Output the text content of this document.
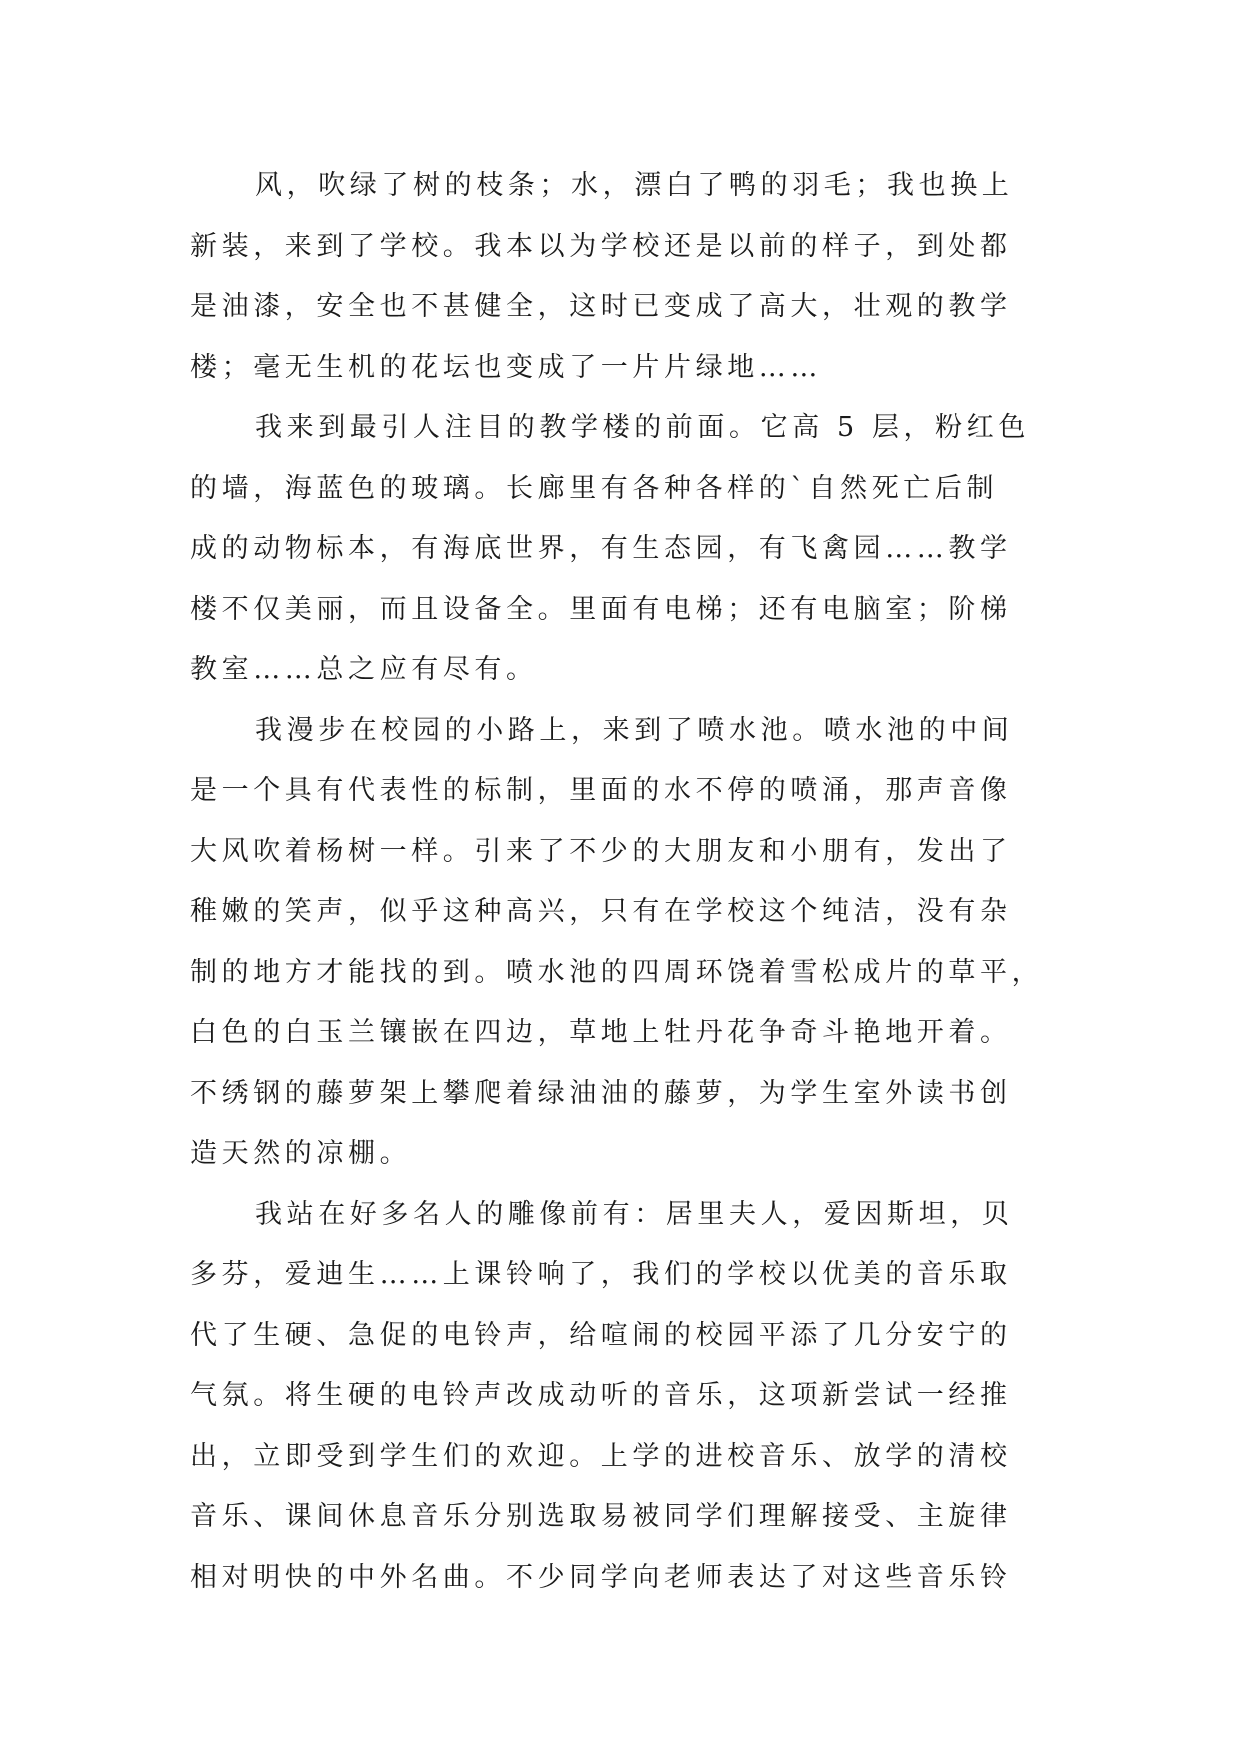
风，吹绿了树的枝条；水，漂白了鸭的羽毛；我也换上
新装，来到了学校。我本以为学校还是以前的样子，到处都
是油漆，安全也不甚健全，这时已变成了高大，壮观的教学
楼；毫无生机的花坛也变成了一片片绿地……
我来到最引人注目的教学楼的前面。它高 5 层，粉红色
的墙，海蓝色的玻璃。长廊里有各种各样的`自然死亡后制
成的动物标本，有海底世界，有生态园，有飞禽园……教学
楼不仅美丽，而且设备全。里面有电梯；还有电脑室；阶梯
教室……总之应有尽有。
我漫步在校园的小路上，来到了喷水池。喷水池的中间
是一个具有代表性的标制，里面的水不停的喷涌，那声音像
大风吹着杨树一样。引来了不少的大朋友和小朋有，发出了
稚嫩的笑声，似乎这种高兴，只有在学校这个纯洁，没有杂
制的地方才能找的到。喷水池的四周环饶着雪松成片的草平，
白色的白玉兰镶嵌在四边，草地上牡丹花争奇斗艳地开着。
不绣钢的藤萝架上攀爬着绿油油的藤萝，为学生室外读书创
造天然的凉棚。
我站在好多名人的雕像前有：居里夫人，爱因斯坦，贝
多芬，爱迪生……上课铃响了，我们的学校以优美的音乐取
代了生硬、急促的电铃声，给喧闹的校园平添了几分安宁的
气氛。将生硬的电铃声改成动听的音乐，这项新尝试一经推
出，立即受到学生们的欢迎。上学的进校音乐、放学的清校
音乐、课间休息音乐分别选取易被同学们理解接受、主旋律
相对明快的中外名曲。不少同学向老师表达了对这些音乐铃
